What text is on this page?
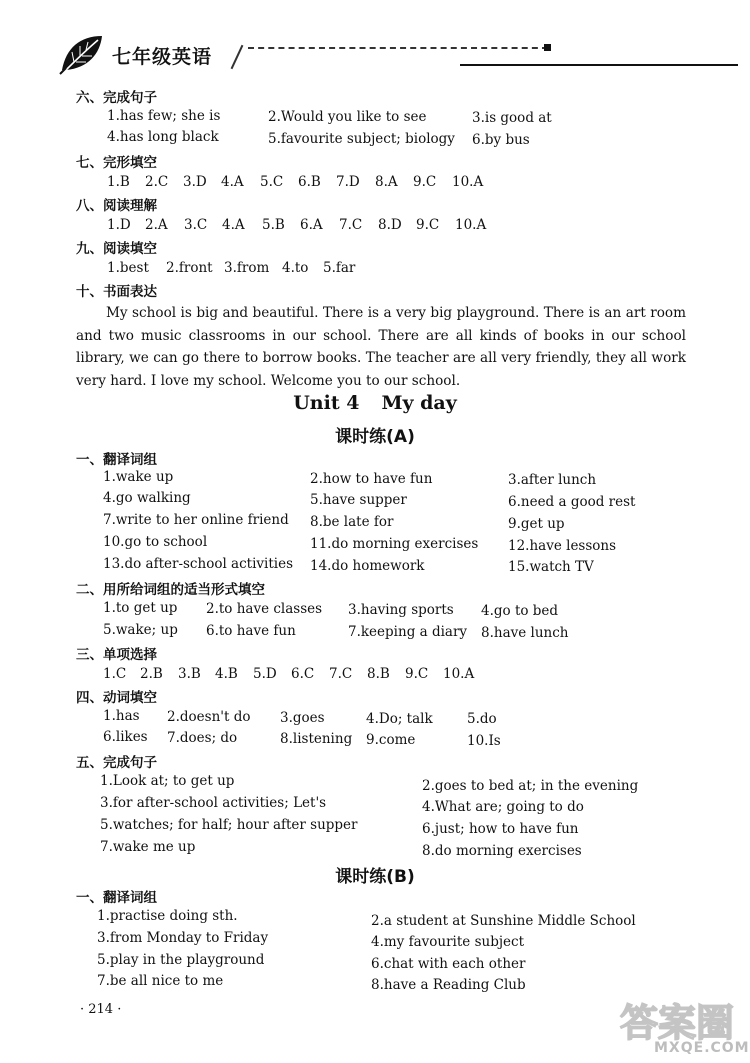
七年级英语
六、完成句子
1.has few; she is	2.Would you like to see	3.is good at
4.has long black	5.favourite subject; biology 6.by bus
七、完形填空
1.B 2.C 3.D 4.A 5.C 6.B 7.D 8.A 9.C 10.A
八、阅读理解
1.D 2.A 3.C 4.A 5.B 6.A 7.C 8.D 9.C 10.A
九、阅读填空
1.best 2.front 3.from 4.to 5.far
十、书面表达

My school is big and beautiful. There is a very big playground. There is an art room and two music classrooms in our school. There are all kinds of books in our school library, we can go there to borrow books. The teacher are all very friendly, they all work very hard. I love my school. Welcome you to our school.

Unit 4 My day
课时练(A)
一、翻译词组
1.wake up	2.how to have fun	3.after lunch
4.go walking	5.have supper	6.need a good rest
7.write to her online friend 8.be late for	9.get up
10.go to school	11.do morning exercises 12.have lessons
13.do after-school activities 14.do homework	15.watch TV
二、用所给词组的适当形式填空
1.to get up 2.to have classes 3.having sports 4.go to bed
5.wake; up 6.to have fun	7.keeping a diary 8.have lunch
三、单项选择
1.C 2.B 3.B 4.B 5.D 6.C 7.C 8.B 9.C 10.A
四、动词填空
1.has 2.doesn't do 3.goes	4.Do; talk	5.do
6.likes 7.does; do	8.listening 9.come	10.Is
五、完成句子
1.Look at; to get up	2.goes to bed at; in the evening
3.for after-school activities; Let's	4.What are; going to do
5.watches; for half; hour after supper	6.just; how to have fun
7.wake me up	8.do morning exercises
课时练(B)
一、翻译词组
1.practise doing sth.	2.a student at Sunshine Middle School
3.from Monday to Friday	4.my favourite subject
5.play in the playground	6.chat with each other
7.be all nice to me	8.have a Reading Club
· 214 ·	答案圈
MXQE.COM
